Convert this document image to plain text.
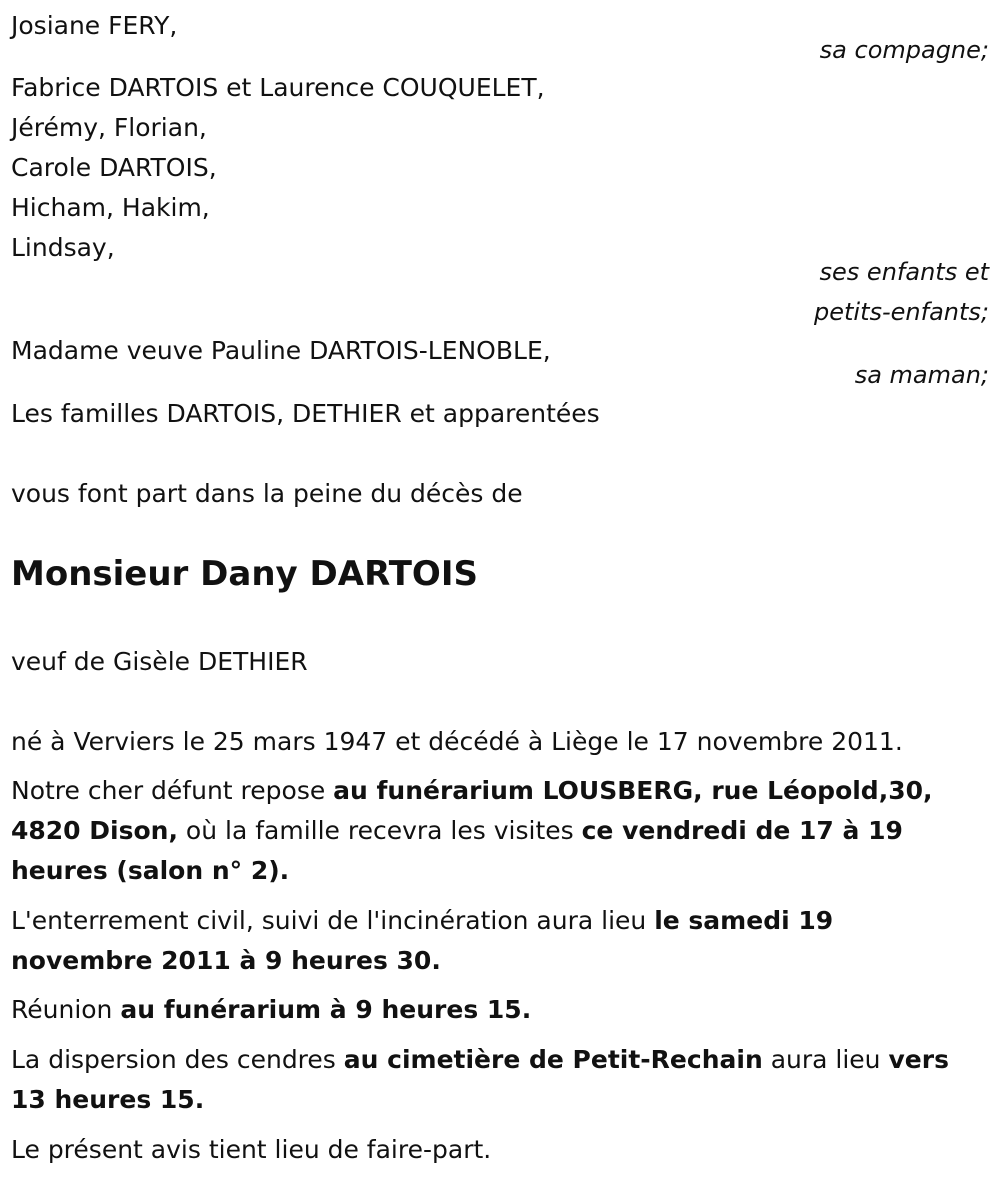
Josiane FERY,
sa compagne;
Fabrice DARTOIS et Laurence COUQUELET,
Jérémy, Florian,
Carole DARTOIS,
Hicham, Hakim,
Lindsay,
ses enfants et
petits-enfants;
Madame veuve Pauline DARTOIS-LENOBLE,
sa maman;
Les familles DARTOIS, DETHIER et apparentées
vous font part dans la peine du décès de
Monsieur Dany DARTOIS
veuf de Gisèle DETHIER
né à Verviers le 25 mars 1947 et décédé à Liège le 17 novembre 2011.
Notre cher défunt repose au funérarium LOUSBERG, rue Léopold,30, 4820 Dison, où la famille recevra les visites ce vendredi de 17 à 19 heures (salon n° 2).
L'enterrement civil, suivi de l'incinération aura lieu le samedi 19 novembre 2011 à 9 heures 30.
Réunion au funérarium à 9 heures 15.
La dispersion des cendres au cimetière de Petit-Rechain aura lieu vers 13 heures 15.
Le présent avis tient lieu de faire-part.
